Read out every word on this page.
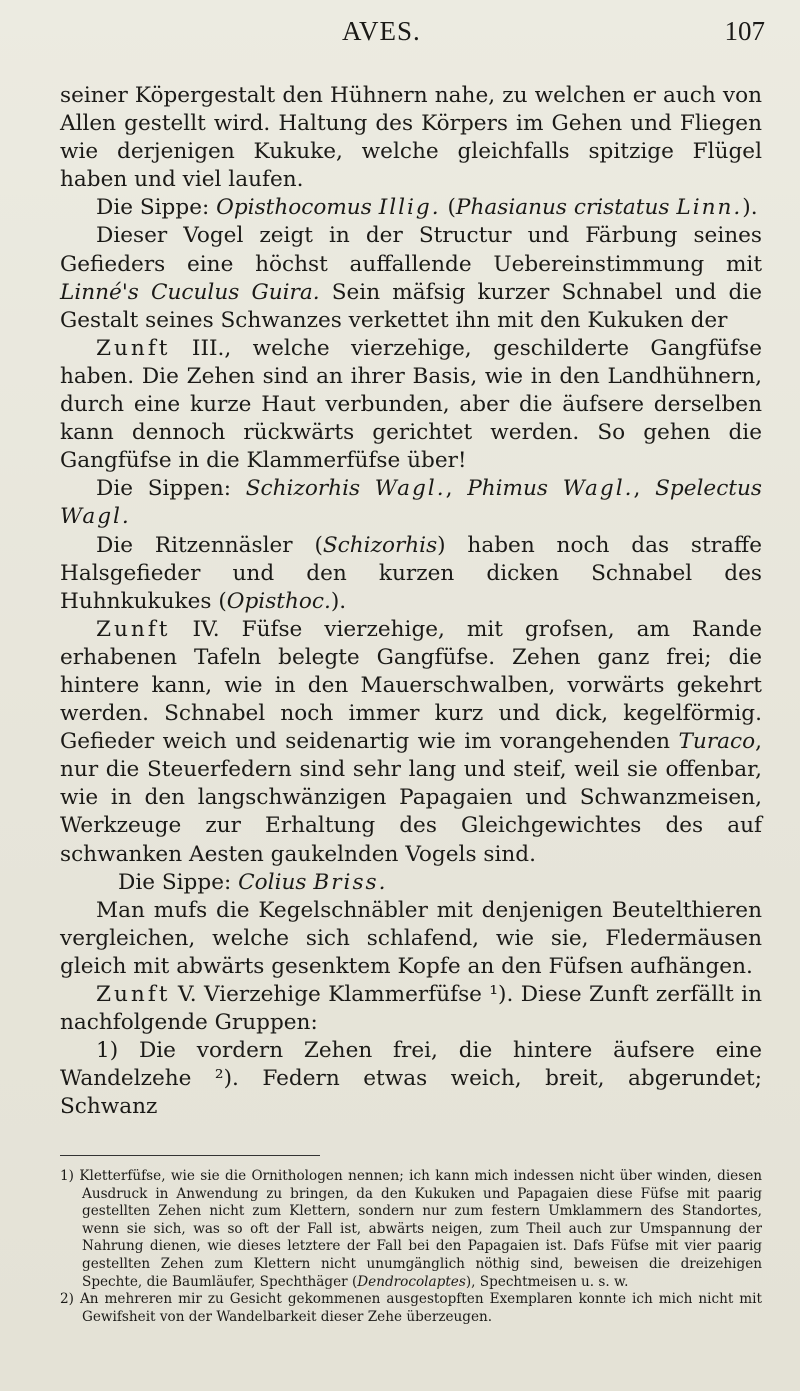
AVES.	107

seiner Köpergestalt den Hühnern nahe, zu welchen er auch von Allen gestellt wird. Haltung des Körpers im Gehen und Fliegen wie derjenigen Kukuke, welche gleichfalls spitzige Flügel haben und viel laufen.

Die Sippe: Opisthocomus Illig. (Phasianus cristatus Linn.).

Dieser Vogel zeigt in der Structur und Färbung seines Gefieders eine höchst auffallende Uebereinstimmung mit Linné's Cuculus Guira. Sein mäfsig kurzer Schnabel und die Gestalt seines Schwanzes verkettet ihn mit den Kukuken der

Zunft III., welche vierzehige, geschilderte Gangfüfse haben. Die Zehen sind an ihrer Basis, wie in den Landhühnern, durch eine kurze Haut verbunden, aber die äufsere derselben kann dennoch rückwärts gerichtet werden. So gehen die Gangfüfse in die Klammerfüfse über!

Die Sippen: Schizorhis Wagl., Phimus Wagl., Spelectus Wagl.

Die Ritzennäsler (Schizorhis) haben noch das straffe Halsgefieder und den kurzen dicken Schnabel des Huhnkukukes (Opisthoc.).

Zunft IV. Füfse vierzehige, mit grofsen, am Rande erhabenen Tafeln belegte Gangfüfse. Zehen ganz frei; die hintere kann, wie in den Mauerschwalben, vorwärts gekehrt werden. Schnabel noch immer kurz und dick, kegelförmig. Gefieder weich und seidenartig wie im vorangehenden Turaco, nur die Steuerfedern sind sehr lang und steif, weil sie offenbar, wie in den langschwänzigen Papagaien und Schwanzmeisen, Werkzeuge zur Erhaltung des Gleichgewichtes des auf schwanken Aesten gaukelnden Vogels sind.

Die Sippe: Colius Briss.

Man mufs die Kegelschnäbler mit denjenigen Beutelthieren vergleichen, welche sich schlafend, wie sie, Fledermäusen gleich mit abwärts gesenktem Kopfe an den Füfsen aufhängen.

Zunft V. Vierzehige Klammerfüfse ¹). Diese Zunft zerfällt in nachfolgende Gruppen:

1) Die vordern Zehen frei, die hintere äufsere eine Wandelzehe ²). Federn etwas weich, breit, abgerundet; Schwanz

1) Kletterfüfse, wie sie die Ornithologen nennen; ich kann mich indessen nicht über winden, diesen Ausdruck in Anwendung zu bringen, da den Kukuken und Papagaien diese Füfse mit paarig gestellten Zehen nicht zum Klettern, sondern nur zum festern Umklammern des Standortes, wenn sie sich, was so oft der Fall ist, abwärts neigen, zum Theil auch zur Umspannung der Nahrung dienen, wie dieses letztere der Fall bei den Papagaien ist. Dafs Füfse mit vier paarig gestellten Zehen zum Klettern nicht unumgänglich nöthig sind, beweisen die dreizehigen Spechte, die Baumläufer, Spechthäger (Dendrocolaptes), Spechtmeisen u. s. w.

2) An mehreren mir zu Gesicht gekommenen ausgestopften Exemplaren konnte ich mich nicht mit Gewifsheit von der Wandelbarkeit dieser Zehe überzeugen.
